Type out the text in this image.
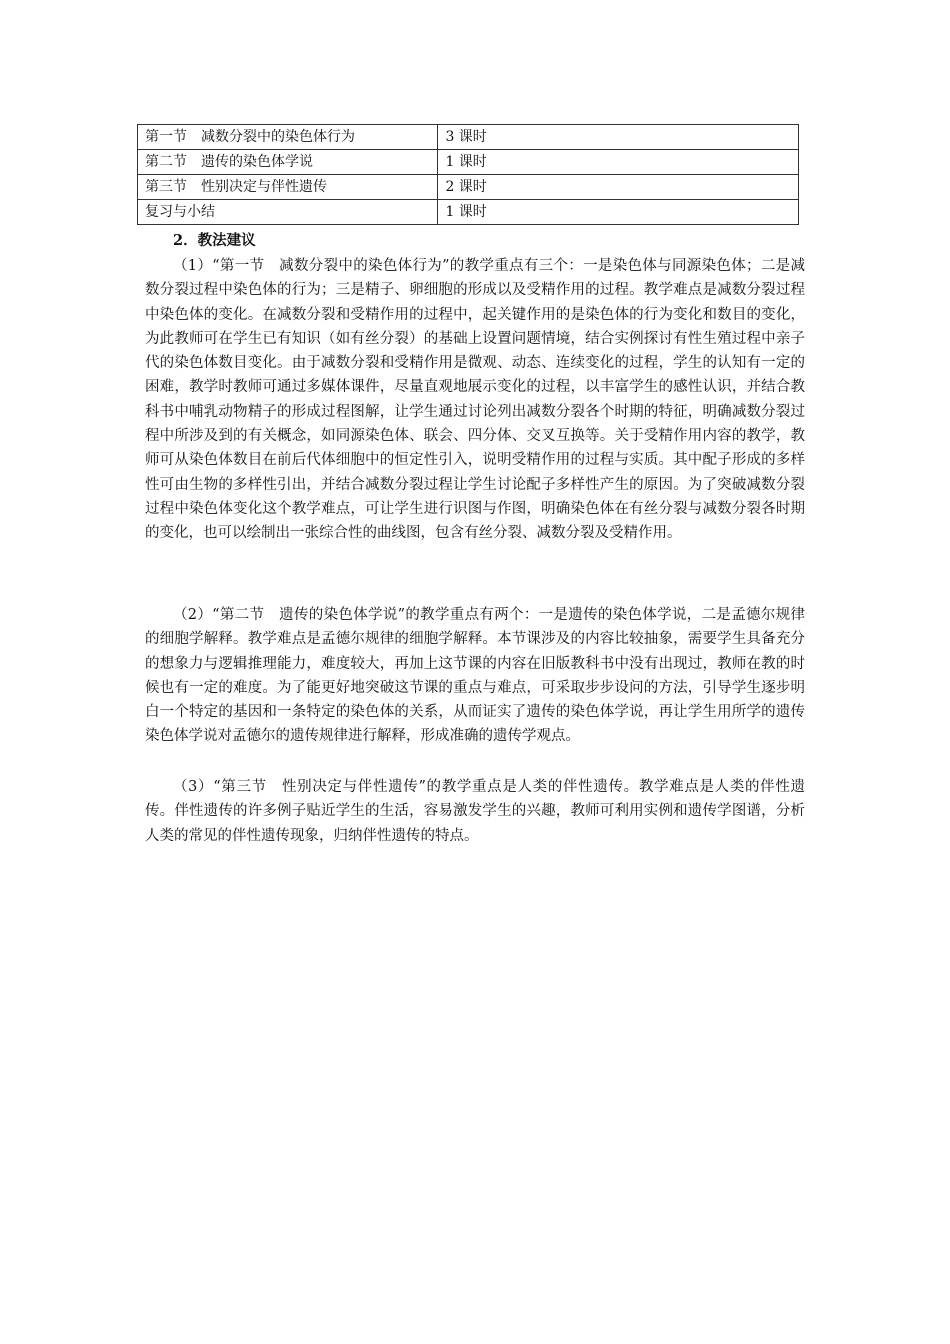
第一节　减数分裂中的染色体行为	3 课时
第二节　遗传的染色体学说	1 课时
第三节　性别决定与伴性遗传	2 课时
复习与小结	1 课时
2．教法建议

（1）“第一节　减数分裂中的染色体行为”的教学重点有三个：一是染色体与同源染色体；二是减数分裂过程中染色体的行为；三是精子、卵细胞的形成以及受精作用的过程。教学难点是减数分裂过程中染色体的变化。在减数分裂和受精作用的过程中，起关键作用的是染色体的行为变化和数目的变化，为此教师可在学生已有知识（如有丝分裂）的基础上设置问题情境，结合实例探讨有性生殖过程中亲子代的染色体数目变化。由于减数分裂和受精作用是微观、动态、连续变化的过程，学生的认知有一定的困难，教学时教师可通过多媒体课件，尽量直观地展示变化的过程，以丰富学生的感性认识，并结合教科书中哺乳动物精子的形成过程图解，让学生通过讨论列出减数分裂各个时期的特征，明确减数分裂过程中所涉及到的有关概念，如同源染色体、联会、四分体、交叉互换等。关于受精作用内容的教学，教师可从染色体数目在前后代体细胞中的恒定性引入，说明受精作用的过程与实质。其中配子形成的多样性可由生物的多样性引出，并结合减数分裂过程让学生讨论配子多样性产生的原因。为了突破减数分裂过程中染色体变化这个教学难点，可让学生进行识图与作图，明确染色体在有丝分裂与减数分裂各时期的变化，也可以绘制出一张综合性的曲线图，包含有丝分裂、减数分裂及受精作用。

（2）“第二节　遗传的染色体学说”的教学重点有两个：一是遗传的染色体学说，二是孟德尔规律的细胞学解释。教学难点是孟德尔规律的细胞学解释。本节课涉及的内容比较抽象，需要学生具备充分的想象力与逻辑推理能力，难度较大，再加上这节课的内容在旧版教科书中没有出现过，教师在教的时候也有一定的难度。为了能更好地突破这节课的重点与难点，可采取步步设问的方法，引导学生逐步明白一个特定的基因和一条特定的染色体的关系，从而证实了遗传的染色体学说，再让学生用所学的遗传染色体学说对孟德尔的遗传规律进行解释，形成准确的遗传学观点。

（3）“第三节　性别决定与伴性遗传”的教学重点是人类的伴性遗传。教学难点是人类的伴性遗传。伴性遗传的许多例子贴近学生的生活，容易激发学生的兴趣，教师可利用实例和遗传学图谱，分析人类的常见的伴性遗传现象，归纳伴性遗传的特点。
